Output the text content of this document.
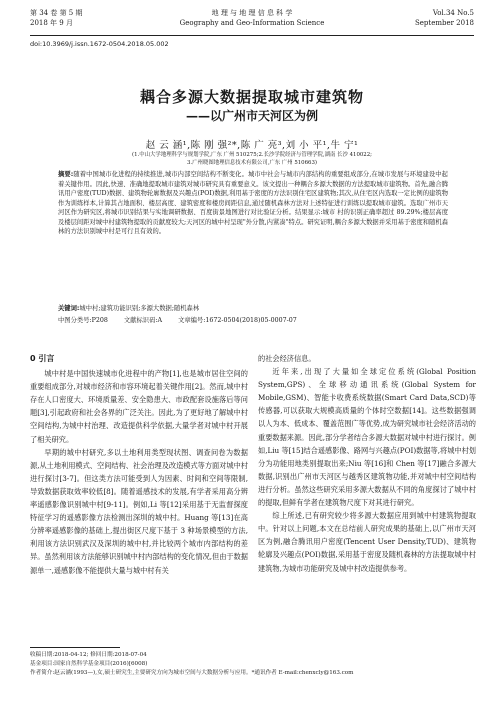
第 34 卷 第 5 期
2018 年 9 月
地 理 与 地 理 信 息 科 学
Geography and Geo-Information Science
Vol.34 No.5
September 2018
doi:10.3969/j.issn.1672-0504.2018.05.002
耦合多源大数据提取城市建筑物
——以广州市天河区为例
赵 云 涵¹,陈 刚 强²*,陈 广 亮³,刘 小 平¹,牛 宁¹
(1.中山大学地理科学与规划学院,广东 广州 510275;2.长沙学院经济与管理学院,湖南 长沙 410022;
3.广州晓图地理信息技术有限公司,广东 广州 510663)
摘要:随着中国城市化进程的持续推进,城市内部空间结构不断变化。城市中社会与城市内部结构的重要组成部分,在城市发展与环境建设中起着关键作用。因此,快速、准确地提取城市建筑对城市研究具有重要意义。该文提出一种耦合多源大数据的方法提取城市建筑物。首先,融合腾讯用户密度(TUD)数据、建筑物轮廓数据及兴趣点(POI)数据,利用基于密度的方法识别住宅区建筑物;其次,从住宅区内选取一定比例的建筑物作为训练样本,计算其占地面积、楼层高度、建筑密度和楼房间距信息,通过随机森林方法对上述特征进行训练以提取城市建筑。选取广州市天河区作为研究区,将城市识别结果与实地调研数据、百度街景地图进行对比验证分析。结果显示:城市 村的识别正确率超过 89.29%;楼层高度及楼层间距对城中村建筑物提取的贡献度较大;天河区的城中村呈现"外分散,内紧凑"特点。研究证明,耦合多源大数据并采用基于密度和随机森林的方法识别城中村是可行且有效的。
关键词:城中村;建筑功能识别;多源大数据;随机森林
中图分类号:P208	文献标识码:A	文章编号:1672-0504(2018)05-0007-07

0 引言

城中村是中国快速城市化进程中的产物[1],也是城市居住空间的重要组成部分,对城市经济和市容环境起着关键作用[2]。然而,城中村存在人口密度大、环境质量差、安全隐患大、市政配套设施落后等问题[3],引起政府和社会各界的广泛关注。因此,为了更好地了解城中村空间结构,为城中村治理、改造提供科学依据,大量学者对城中村开展了相关研究。

早期的城中村研究,多以土地利用类型现状图、调查问卷为数据源,从土地利用模式、空间结构、社会治理及改造模式等方面对城中村进行探讨[3-7]。但这类方法可能受到人为因素、时间和空间等限制,导致数据获取效率较低[8]。随着遥感技术的发展,有学者采用高分辨率遥感影像识别城中村[9-11]。例如,Li 等[12]采用基于无监督探度特征学习的遥感影像方法检测出深圳的城中村。Huang 等[13]在高分辨率遥感影像的基础上,提出街区尺度下基于 3 种场景模型的方法,利用该方法识别武汉及深圳的城中村,并比较两个城市内部结构的差异。虽然利用该方法能够识别城中村内部结构的变化情况,但由于数据源单一,遥感影像不能提供大量与城中村有关

的社会经济信息。

近年来,出现了大量如全球定位系统(Global Position System,GPS)、全球移动通讯系统(Global System for Mobile,GSM)、智能卡收费系统数据(Smart Card Data,SCD)等传感器,可以获取大规模高质量的个体时空数据[14]。这些数据强调以人为本、低成本、覆盖范围广等优势,成为研究城市社会经济活动的重要数据来源。因此,部分学者结合多源大数据对城中村进行探讨。例如,Liu 等[15]结合遥感影像、路网与兴趣点(POI)数据等,将城中村划分为功能用地类别提取出来;Niu 等[16]和 Chen 等[17]融合多源大数据,识别出广州市天河区与越秀区建筑物功能,并对城中村空间结构进行分析。虽然这些研究采用多源大数据从不同的角度探讨了城中村的提取,但鲜有学者在建筑物尺度下对其进行研究。

综上所述,已有研究较少将多源大数据应用到城中村建筑物提取中。针对以上问题,本文在总结前人研究成果的基础上,以广州市天河区为例,融合腾讯用户密度(Tencent User Density,TUD)、建筑物轮廓及兴趣点(POI)数据,采用基于密度及随机森林的方法提取城中村建筑物,为城市功能研究及城中村改造提供参考。

收稿日期:2018-04-12; 修回日期:2018-07-04
基金项目:国家自然科学基金项目(2016)[6008)
作者简介:赵云涵(1993—),女,硕士研究生,主要研究方向为城市空间与大数据分析与应用。*通讯作者 E-mail:chenxcly@163.com
